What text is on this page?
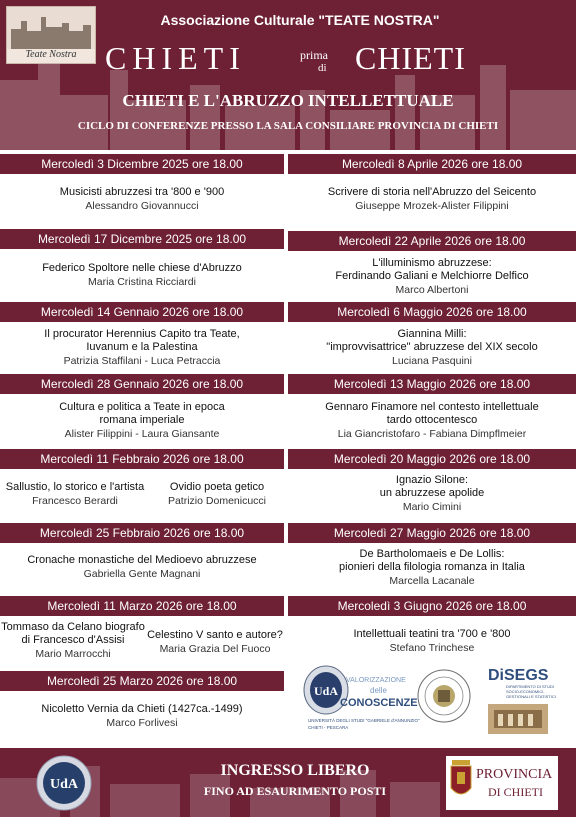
Teate Nostra
Associazione Culturale "TEATE NOSTRA"
CHIETI	prima
di CHIETI
CHIETI E L'ABRUZZO INTELLETTUALE
CICLO DI CONFERENZE PRESSO LA SALA CONSILIARE PROVINCIA DI CHIETI
Mercoledì 3 Dicembre 2025 ore 18.00
Musicisti abruzzesi tra '800 e '900
Alessandro Giovannucci
Mercoledì 17 Dicembre 2025 ore 18.00
Federico Spoltore nelle chiese d'Abruzzo
Maria Cristina Ricciardi
Mercoledì 14 Gennaio 2026 ore 18.00
Il procurator Herennius Capito tra Teate,
Iuvanum e la Palestina
Patrizia Staffilani - Luca Petraccia
Mercoledì 28 Gennaio 2026 ore 18.00
Cultura e politica a Teate in epoca
romana imperiale
Alister Filippini - Laura Giansante
Mercoledì 11 Febbraio 2026 ore 18.00
Sallustio, lo storico e l'artista
Francesco Berardi
Ovidio poeta getico
Patrizio Domenicucci
Mercoledì 25 Febbraio 2026 ore 18.00
Cronache monastiche del Medioevo abruzzese
Gabriella Gente Magnani
Mercoledì 11 Marzo 2026 ore 18.00
Tommaso da Celano biografo
di Francesco d'Assisi
Mario Marrocchi
Celestino V santo e autore?
Maria Grazia Del Fuoco
Mercoledì 25 Marzo 2026 ore 18.00
Nicoletto Vernia da Chieti (1427ca.-1499)
Marco Forlivesi
Mercoledì 8 Aprile 2026 ore 18.00
Scrivere di storia nell'Abruzzo del Seicento
Giuseppe Mrozek-Alister Filippini
Mercoledì 22 Aprile 2026 ore 18.00
L'illuminismo abruzzese:
Ferdinando Galiani e Melchiorre Delfico
Marco Albertoni
Mercoledì 6 Maggio 2026 ore 18.00
Giannina Milli:
"improvvisattrice" abruzzese del XIX secolo
Luciana Pasquini
Mercoledì 13 Maggio 2026 ore 18.00
Gennaro Finamore nel contesto intellettuale
tardo ottocentesco
Lia Giancristofaro - Fabiana Dimpflmeier
Mercoledì 20 Maggio 2026 ore 18.00
Ignazio Silone:
un abruzzese apolide
Mario Cimini
Mercoledì 27 Maggio 2026 ore 18.00
De Bartholomaeis e De Lollis:
pionieri della filologia romanza in Italia
Marcella Lacanale
Mercoledì 3 Giugno 2026 ore 18.00
Intellettuali teatini tra '700 e '800
Stefano Trinchese
UdA
VALORIZZAZIONE
delle
CONOSCENZE
UNIVERSITÀ DEGLI STUDI "GABRIELE d'ANNUNZIO"
CHIETI - PESCARA
DiSEGS
DIPARTIMENTO DI STUDI
SOCIO-ECONOMICI,
GESTIONALI E STATISTICI
UdA
INGRESSO LIBERO
FINO AD ESAURIMENTO POSTI
PROVINCIA
DI CHIETI
